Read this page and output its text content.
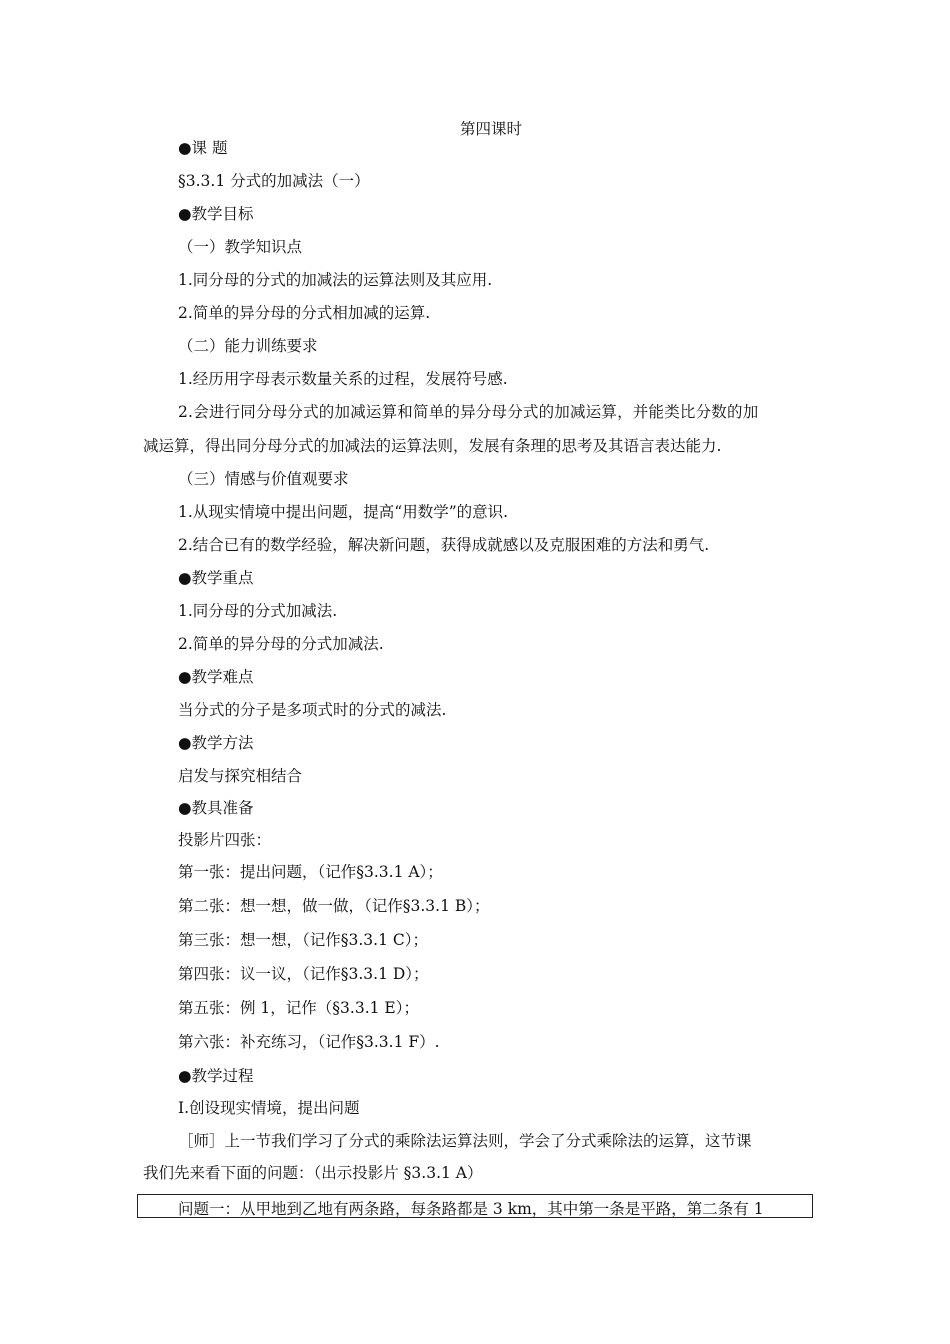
第四课时
●课 题
§3.3.1 分式的加减法（一）
●教学目标
（一）教学知识点
1.同分母的分式的加减法的运算法则及其应用.
2.简单的异分母的分式相加减的运算.
（二）能力训练要求
1.经历用字母表示数量关系的过程，发展符号感.
2.会进行同分母分式的加减运算和简单的异分母分式的加减运算，并能类比分数的加
减运算，得出同分母分式的加减法的运算法则，发展有条理的思考及其语言表达能力.
（三）情感与价值观要求
1.从现实情境中提出问题，提高“用数学”的意识.
2.结合已有的数学经验，解决新问题，获得成就感以及克服困难的方法和勇气.
●教学重点
1.同分母的分式加减法.
2.简单的异分母的分式加减法.
●教学难点
当分式的分子是多项式时的分式的减法.
●教学方法
启发与探究相结合
●教具准备
投影片四张：
第一张：提出问题，（记作§3.3.1 A）；
第二张：想一想，做一做，（记作§3.3.1 B）；
第三张：想一想，（记作§3.3.1 C）；
第四张：议一议，（记作§3.3.1 D）；
第五张：例 1，记作（§3.3.1 E）；
第六张：补充练习，（记作§3.3.1 F）.
●教学过程
Ⅰ.创设现实情境，提出问题
［师］上一节我们学习了分式的乘除法运算法则，学会了分式乘除法的运算，这节课
我们先来看下面的问题：（出示投影片 §3.3.1 A）
问题一：从甲地到乙地有两条路，每条路都是 3 km，其中第一条是平路，第二条有 1
